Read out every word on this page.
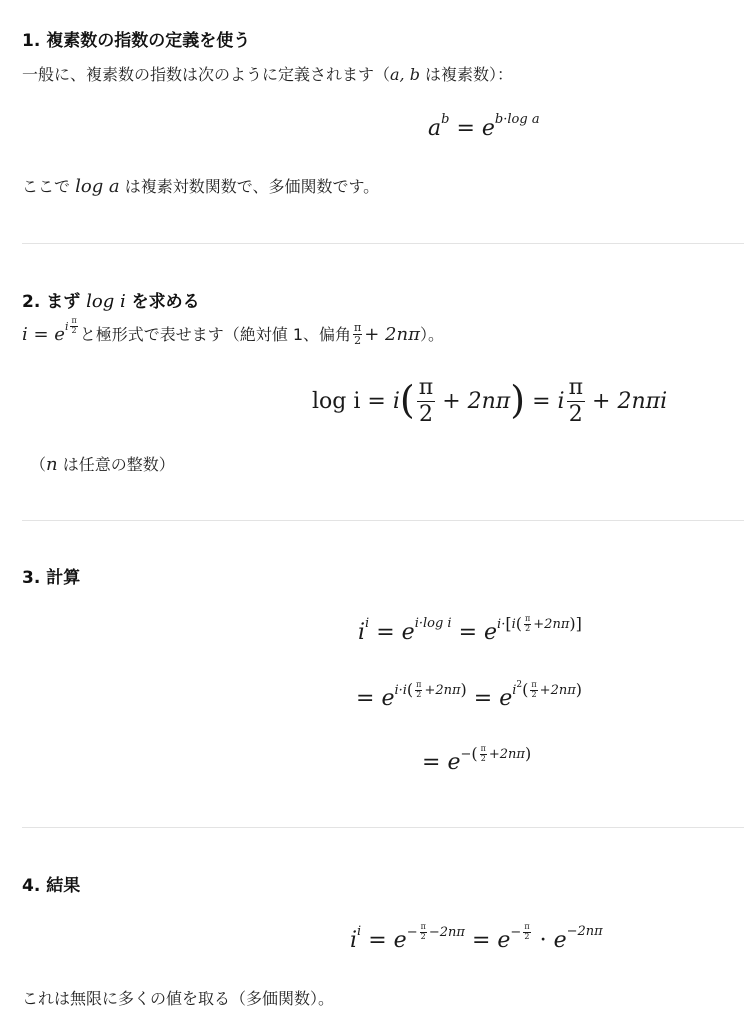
1. 複素数の指数の定義を使う
一般に、複素数の指数は次のように定義されます（a, b は複素数）：
$a^b = e^{b\cdot log a}$
ここで log a は複素対数関数で、多価関数です。
2. まず log i を求める
i = e i $\frac{\pi}{2}$ と極形式で表せます（絶対値 1、偏角 $\frac{\pi}{2} + 2n\pi$ ）。
log i = i ( $\frac{\pi}{2} + 2n\pi$ ) = i $\frac{\pi}{2} + 2n\pi i$
（n は任意の整数）
3. 計算
$i^i = e^{i\cdot log i} = e$ i· [ i ( $\frac{\pi}{2} +2n\pi$ ) ]
= e i·i ( $\frac{\pi}{2} +2n\pi$ ) = e i 2 ( $\frac{\pi}{2} +2n\pi$ )
= e − ( $\frac{\pi}{2} +2n\pi$ )
4. 結果
$i^i = e - \frac{\pi}{2} -2n\pi = e - \frac{\pi}{2} \cdot e^{-2n\pi}$
これは無限に多くの値を取る（多価関数）。
